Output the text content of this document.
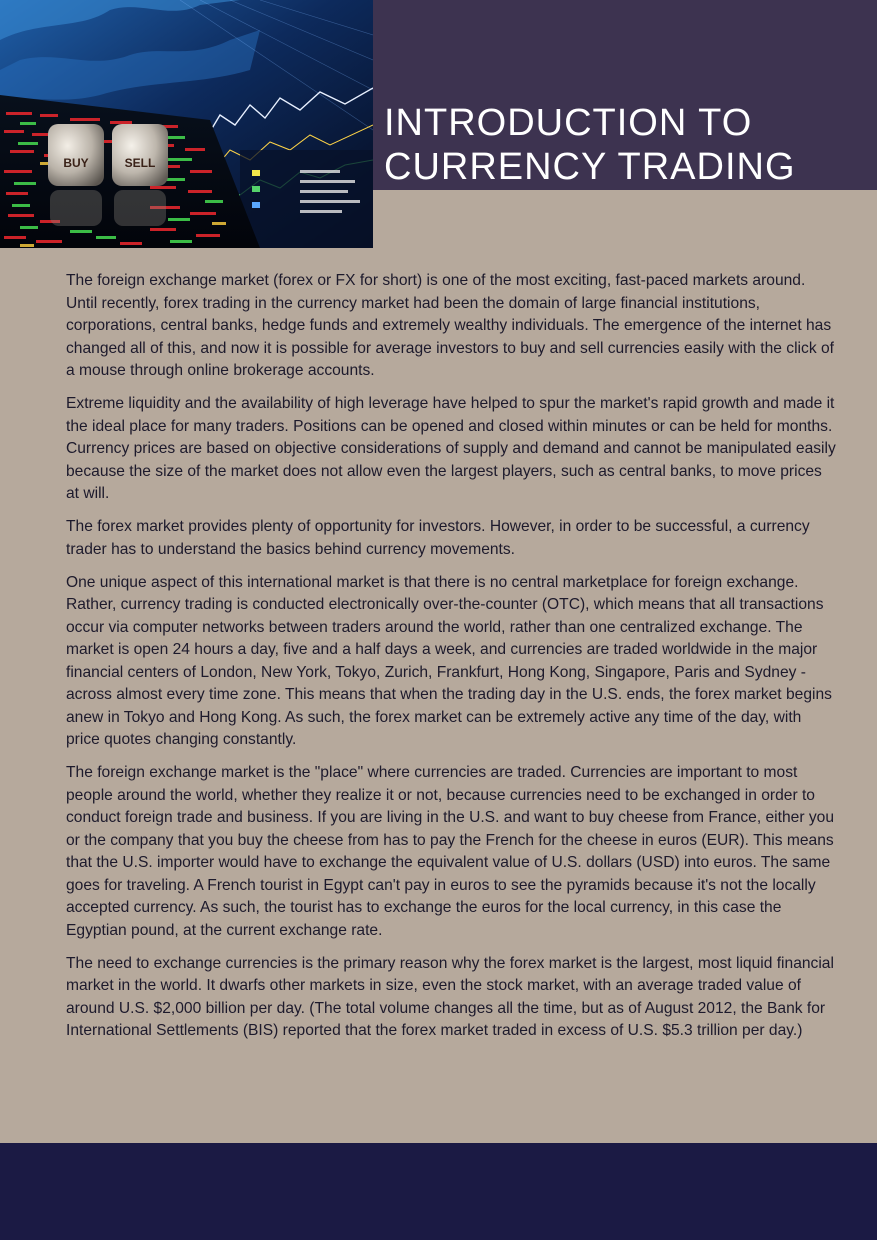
BUY	SELL
INTRODUCTION TO
CURRENCY TRADING

The foreign exchange market (forex or FX for short) is one of the most exciting, fast-paced markets around. Until recently, forex trading in the currency market had been the domain of large financial institutions, corporations, central banks, hedge funds and extremely wealthy individuals. The emergence of the internet has changed all of this, and now it is possible for average investors to buy and sell currencies easily with the click of a mouse through online brokerage accounts.

Extreme liquidity and the availability of high leverage have helped to spur the market's rapid growth and made it the ideal place for many traders. Positions can be opened and closed within minutes or can be held for months. Currency prices are based on objective considerations of supply and demand and cannot be manipulated easily because the size of the market does not allow even the largest players, such as central banks, to move prices at will.

The forex market provides plenty of opportunity for investors. However, in order to be successful, a currency trader has to understand the basics behind currency movements.

One unique aspect of this international market is that there is no central marketplace for foreign exchange. Rather, currency trading is conducted electronically over-the-counter (OTC), which means that all transactions occur via computer networks between traders around the world, rather than one centralized exchange. The market is open 24 hours a day, five and a half days a week, and currencies are traded worldwide in the major financial centers of London, New York, Tokyo, Zurich, Frankfurt, Hong Kong, Singapore, Paris and Sydney - across almost every time zone. This means that when the trading day in the U.S. ends, the forex market begins anew in Tokyo and Hong Kong. As such, the forex market can be extremely active any time of the day, with price quotes changing constantly.

The foreign exchange market is the "place" where currencies are traded. Currencies are important to most people around the world, whether they realize it or not, because currencies need to be exchanged in order to conduct foreign trade and business. If you are living in the U.S. and want to buy cheese from France, either you or the company that you buy the cheese from has to pay the French for the cheese in euros (EUR). This means that the U.S. importer would have to exchange the equivalent value of U.S. dollars (USD) into euros. The same goes for traveling. A French tourist in Egypt can't pay in euros to see the pyramids because it's not the locally accepted currency. As such, the tourist has to exchange the euros for the local currency, in this case the Egyptian pound, at the current exchange rate.

The need to exchange currencies is the primary reason why the forex market is the largest, most liquid financial market in the world. It dwarfs other markets in size, even the stock market, with an average traded value of around U.S. $2,000 billion per day. (The total volume changes all the time, but as of August 2012, the Bank for International Settlements (BIS) reported that the forex market traded in excess of U.S. $5.3 trillion per day.)
